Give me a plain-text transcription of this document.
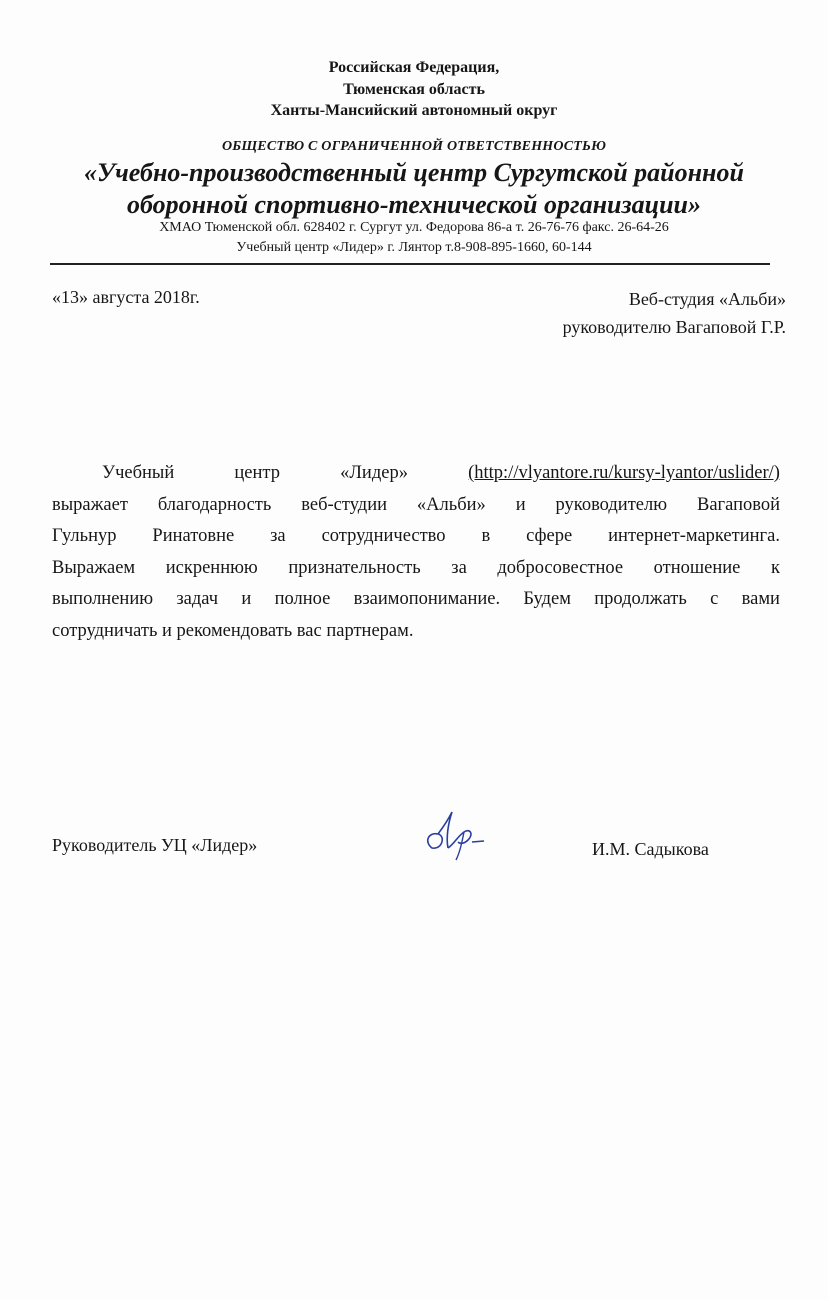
Российская Федерация,
Тюменская область
Ханты-Мансийский автономный округ
ОБЩЕСТВО С ОГРАНИЧЕННОЙ ОТВЕТСТВЕННОСТЬЮ
«Учебно-производственный центр Сургутской районной
оборонной спортивно-технической организации»
ХМАО Тюменской обл. 628402 г. Сургут ул. Федорова 86-а т. 26-76-76 факс. 26-64-26
Учебный центр «Лидер» г. Лянтор т.8-908-895-1660, 60-144
«13» августа 2018г.	Веб-студия «Альби»
руководителю Вагаповой Г.Р.
Учебный	центр	«Лидер»	(http://vlyantore.ru/kursy-lyantor/uslider/)
выражает благодарность веб-студии «Альби» и руководителю Вагаповой
Гульнур Ринатовне за сотрудничество в сфере интернет-маркетинга.
Выражаем искреннюю признательность за добросовестное отношение к
выполнению задач и полное взаимопонимание. Будем продолжать с вами
сотрудничать и рекомендовать вас партнерам.
Руководитель УЦ «Лидер»	И.М. Садыкова
